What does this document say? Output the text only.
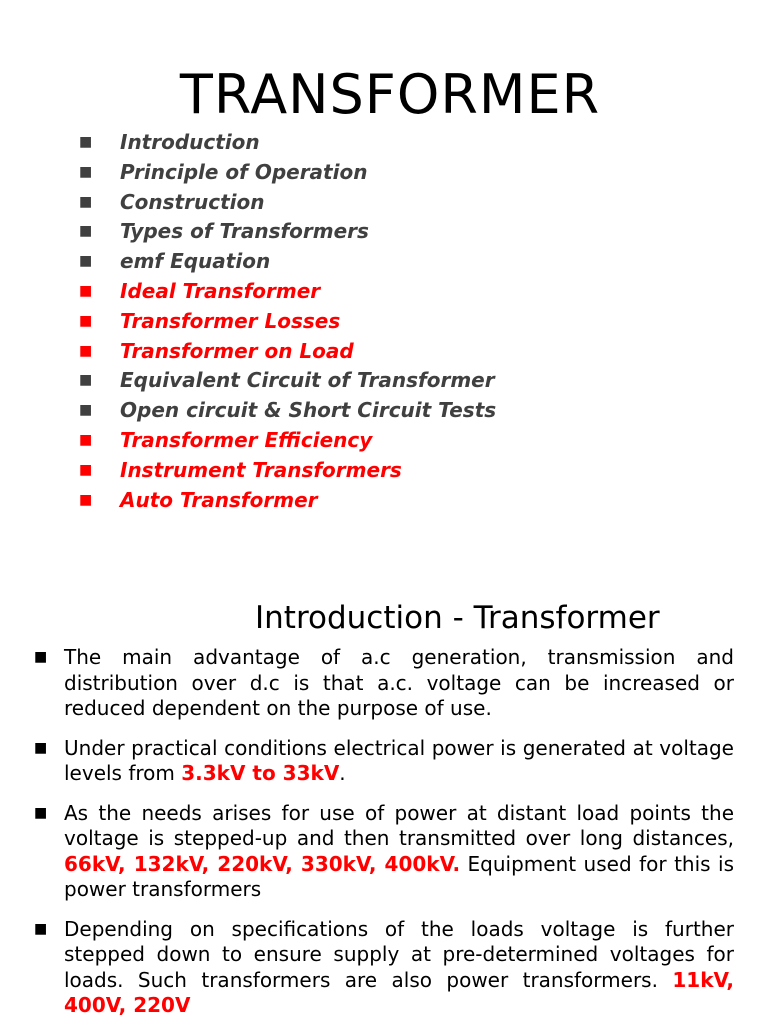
TRANSFORMER
■ Introduction
■ Principle of Operation
■ Construction
■ Types of Transformers
■ emf Equation
■ Ideal Transformer
■ Transformer Losses
■ Transformer on Load
■ Equivalent Circuit of Transformer
■ Open circuit & Short Circuit Tests
■ Transformer Efficiency
■ Instrument Transformers
■ Auto Transformer
Introduction - Transformer
■ The main advantage of a.c generation, transmission and distribution over d.c is that a.c. voltage can be increased or reduced dependent on the purpose of use.
■ Under practical conditions electrical power is generated at voltage levels from 3.3kV to 33kV.
■ As the needs arises for use of power at distant load points the voltage is stepped-up and then transmitted over long distances, 66kV, 132kV, 220kV, 330kV, 400kV. Equipment used for this is power transformers
■ Depending on specifications of the loads voltage is further stepped down to ensure supply at pre-determined voltages for loads. Such transformers are also power transformers. 11kV, 400V, 220V
